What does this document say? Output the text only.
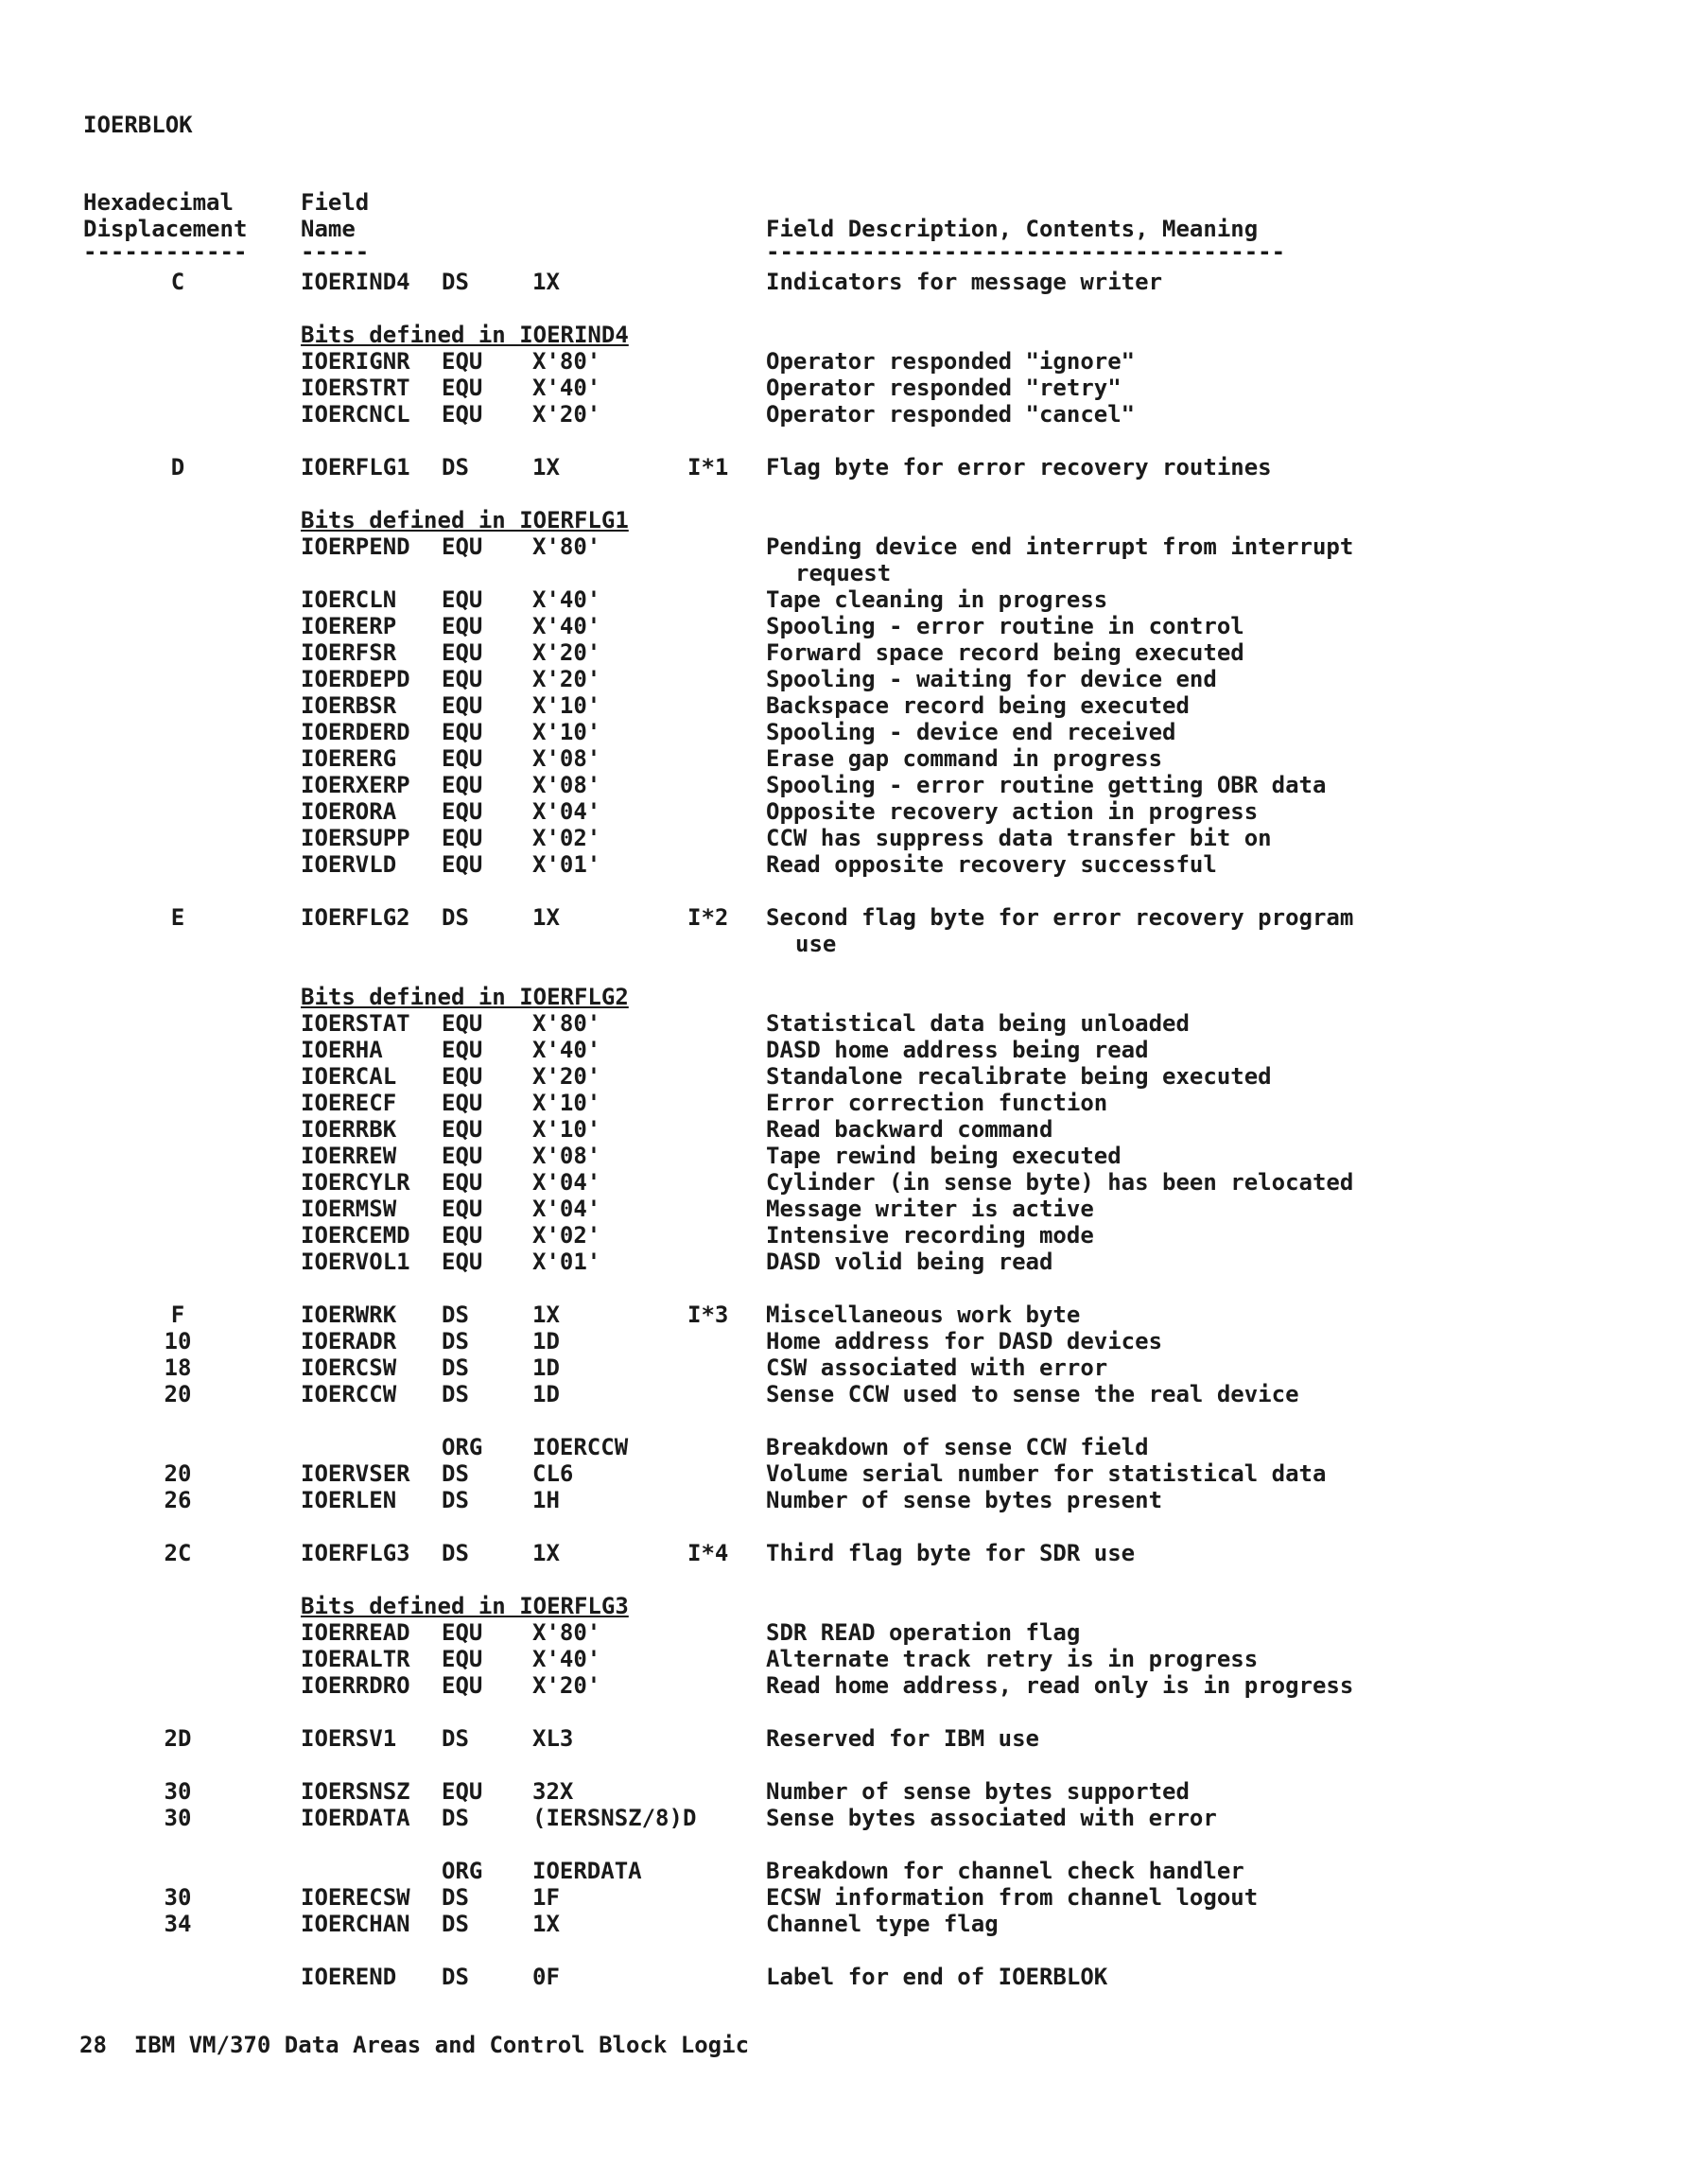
IOERBLOK
Hexadecimal
Displacement
Field
Name	Field Description, Contents, Meaning
------------ -----	--------------------------------------
C	IOERIND4 DS	1X	Indicators for message writer
Bits defined in IOERIND4
IOERIGNR EQU X'80'	Operator responded "ignore"
IOERSTRT EQU X'40'	Operator responded "retry"
IOERCNCL EQU X'20'	Operator responded "cancel"
D	IOERFLG1 DS	1X	I*1 Flag byte for error recovery routines
Bits defined in IOERFLG1
IOERPEND EQU X'80'	Pending device end interrupt from interrupt
request
IOERCLN EQU X'40'	Tape cleaning in progress
IOERERP EQU X'40'	Spooling - error routine in control
IOERFSR EQU X'20'	Forward space record being executed
IOERDEPD EQU X'20'	Spooling - waiting for device end
IOERBSR EQU X'10'	Backspace record being executed
IOERDERD EQU X'10'	Spooling - device end received
IOERERG EQU X'08'	Erase gap command in progress
IOERXERP EQU X'08'	Spooling - error routine getting OBR data
IOERORA EQU X'04'	Opposite recovery action in progress
IOERSUPP EQU X'02'	CCW has suppress data transfer bit on
IOERVLD EQU X'01'	Read opposite recovery successful
E	IOERFLG2 DS	1X	I*2 Second flag byte for error recovery program
use
Bits defined in IOERFLG2
IOERSTAT EQU X'80'	Statistical data being unloaded
IOERHA	EQU X'40'	DASD home address being read
IOERCAL EQU X'20'	Standalone recalibrate being executed
IOERECF EQU X'10'	Error correction function
IOERRBK EQU X'10'	Read backward command
IOERREW EQU X'08'	Tape rewind being executed
IOERCYLR EQU X'04'	Cylinder (in sense byte) has been relocated
IOERMSW EQU X'04'	Message writer is active
IOERCEMD EQU X'02'	Intensive recording mode
IOERVOL1 EQU X'01'	DASD volid being read
F	IOERWRK DS	1X	I*3 Miscellaneous work byte
10	IOERADR DS	1D	Home address for DASD devices
18	IOERCSW DS	1D	CSW associated with error
20	IOERCCW DS	1D	Sense CCW used to sense the real device
ORG IOERCCW	Breakdown of sense CCW field
20	IOERVSER DS	CL6	Volume serial number for statistical data
26	IOERLEN DS	1H	Number of sense bytes present
2C	IOERFLG3 DS	1X	I*4 Third flag byte for SDR use
Bits defined in IOERFLG3
IOERREAD EQU X'80'	SDR READ operation flag
IOERALTR EQU X'40'	Alternate track retry is in progress
IOERRDRO EQU X'20'	Read home address, read only is in progress
2D	IOERSV1 DS	XL3	Reserved for IBM use
30	IOERSNSZ EQU 32X	Number of sense bytes supported
30	IOERDATA DS	(IERSNSZ/8)D	Sense bytes associated with error
ORG IOERDATA	Breakdown for channel check handler
30	IOERECSW DS	1F	ECSW information from channel logout
34	IOERCHAN DS	1X	Channel type flag
IOEREND DS	0F	Label for end of IOERBLOK
28  IBM VM/370 Data Areas and Control Block Logic
